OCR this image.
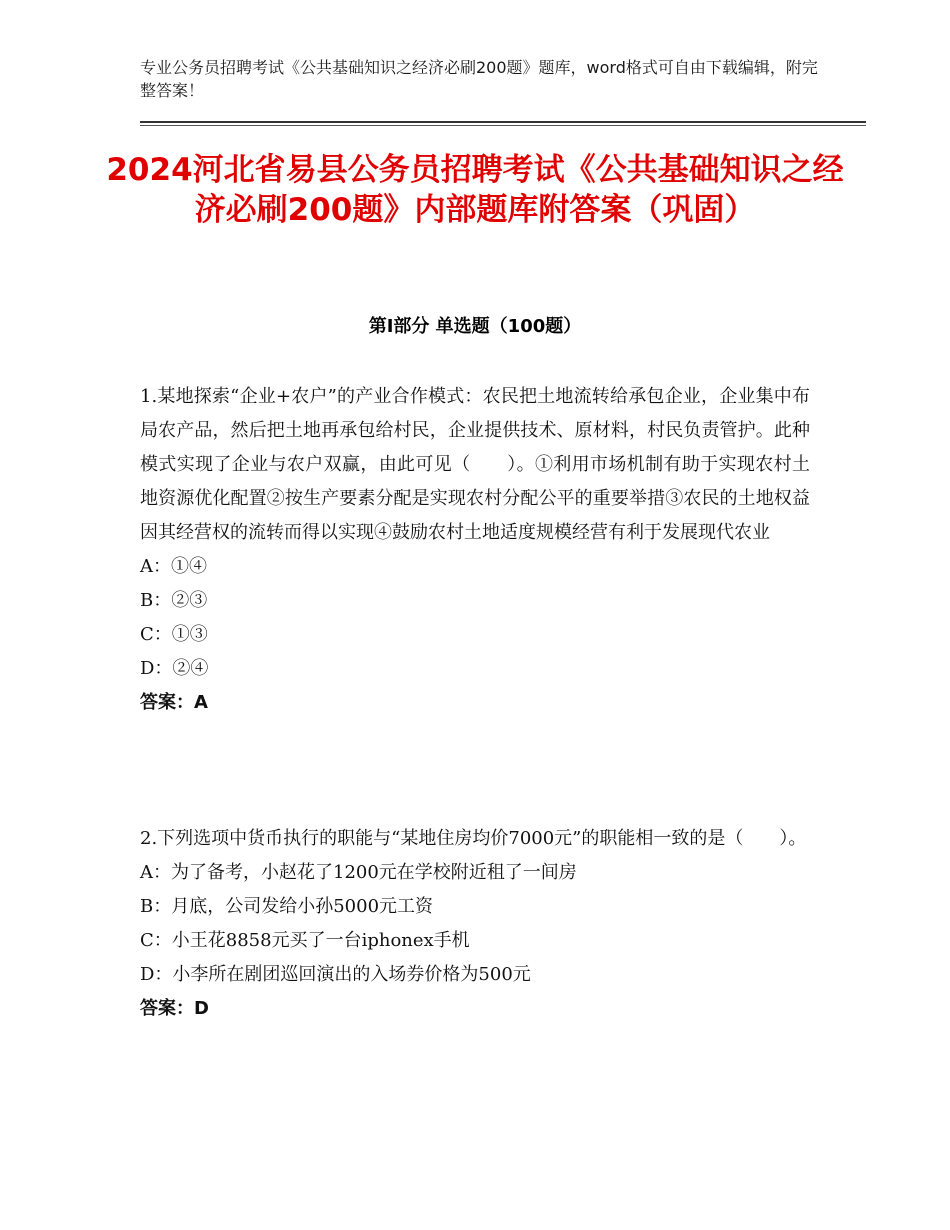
专业公务员招聘考试《公共基础知识之经济必刷200题》题库，word格式可自由下载编辑，附完整答案！
2024河北省易县公务员招聘考试《公共基础知识之经济必刷200题》内部题库附答案（巩固）
第Ⅰ部分 单选题（100题）
1.某地探索“企业+农户”的产业合作模式：农民把土地流转给承包企业，企业集中布局农产品，然后把土地再承包给村民，企业提供技术、原材料，村民负责管护。此种模式实现了企业与农户双赢，由此可见（　　）。①利用市场机制有助于实现农村土地资源优化配置②按生产要素分配是实现农村分配公平的重要举措③农民的土地权益因其经营权的流转而得以实现④鼓励农村土地适度规模经营有利于发展现代农业
A：①④
B：②③
C：①③
D：②④
答案：A
2.下列选项中货币执行的职能与“某地住房均价7000元”的职能相一致的是（　　）。
A：为了备考，小赵花了1200元在学校附近租了一间房
B：月底，公司发给小孙5000元工资
C：小王花8858元买了一台iphonex手机
D：小李所在剧团巡回演出的入场券价格为500元
答案：D
